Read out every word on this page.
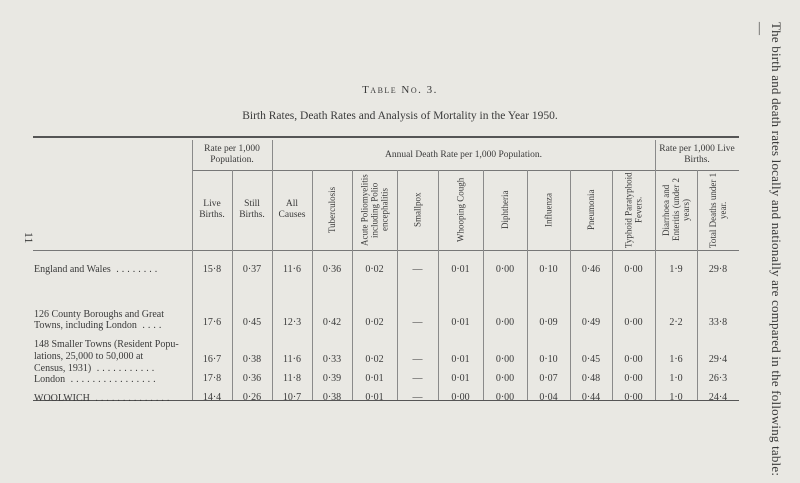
The birth and death rates locally and nationally are compared in the following table:—
11
Table No. 3.
Birth Rates, Death Rates and Analysis of Mortality in the Year 1950.
Rate per 1,000 Population.
Annual Death Rate per 1,000 Population.
Rate per 1,000 Live Births.
Live Births.
Still Births.
All Causes	Tuberculosis	Acute Poliomyelitis including Polio encephalitis	Smallpox	Whooping Cough	Diphtheria	Influenza	Pneumonia	Typhoid Paratyphoid Fevers.	Diarrhoea and Enteritis (under 2 years)	Total Deaths under 1 year.
England and Wales ........	15·8	0·37	11·6	0·36	0·02	—	0·01	0·00	0·10	0·46	0·00	1·9	29·8
126 County Boroughs and Great
Towns, including London ....	17·6	0·45	12·3	0·42	0·02	—	0·01	0·00	0·09	0·49	0·00	2·2	33·8
148 Smaller Towns (Resident Popu-
lations, 25,000 to 50,000 at
Census, 1931) ...........
16·7	0·38	11·6	0·33	0·02	—	0·01	0·00	0·10	0·45	0·00	1·6	29·4
London ................	17·8	0·36	11·8	0·39	0·01	—	0·01	0·00	0·07	0·48	0·00	1·0	26·3
WOOLWICH ..............	14·4	0·26	10·7	0·38	0·01	—	0·00	0·00	0·04	0·44	0·00	1·0	24·4
